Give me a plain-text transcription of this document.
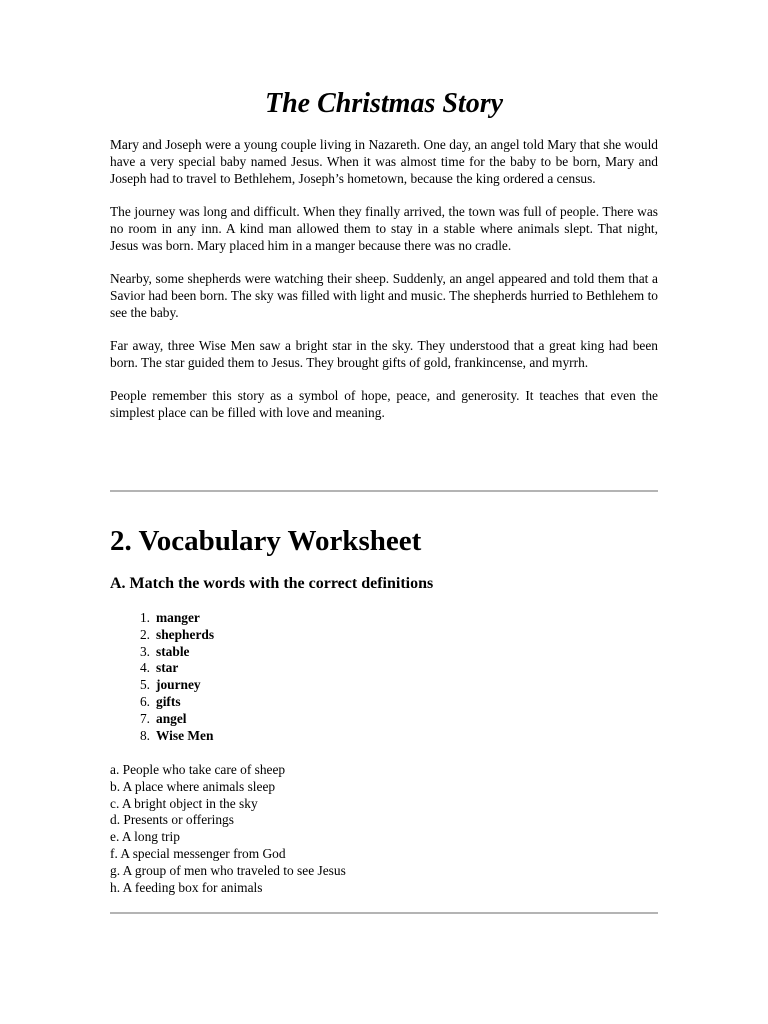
The Christmas Story

Mary and Joseph were a young couple living in Nazareth. One day, an angel told Mary that she would have a very special baby named Jesus. When it was almost time for the baby to be born, Mary and Joseph had to travel to Bethlehem, Joseph’s hometown, because the king ordered a census.

The journey was long and difficult. When they finally arrived, the town was full of people. There was no room in any inn. A kind man allowed them to stay in a stable where animals slept. That night, Jesus was born. Mary placed him in a manger because there was no cradle.

Nearby, some shepherds were watching their sheep. Suddenly, an angel appeared and told them that a Savior had been born. The sky was filled with light and music. The shepherds hurried to Bethlehem to see the baby.

Far away, three Wise Men saw a bright star in the sky. They understood that a great king had been born. The star guided them to Jesus. They brought gifts of gold, frankincense, and myrrh.

People remember this story as a symbol of hope, peace, and generosity. It teaches that even the simplest place can be filled with love and meaning.

2. Vocabulary Worksheet
A. Match the words with the correct definitions
1. manger
2. shepherds
3. stable
4. star
5. journey
6. gifts
7. angel
8. Wise Men
a. People who take care of sheep
b. A place where animals sleep
c. A bright object in the sky
d. Presents or offerings
e. A long trip
f. A special messenger from God
g. A group of men who traveled to see Jesus
h. A feeding box for animals
